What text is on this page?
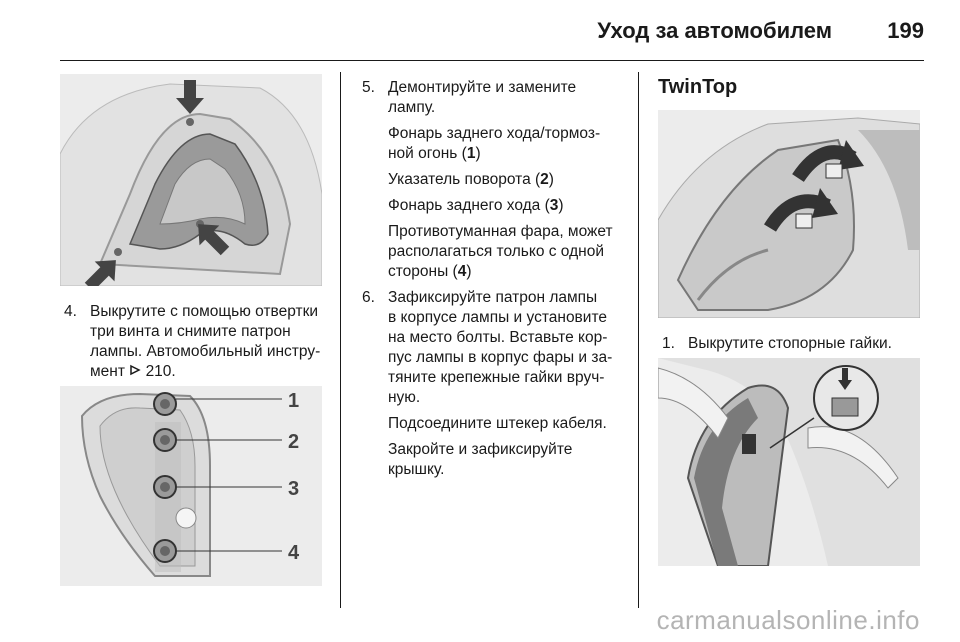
Уход за автомобилем	199
4. Выкрутите с помощью отвертки
три винта и снимите патрон
лампы. Автомобильный инстру-
мент  210.
1
2
3
4
5. Демонтируйте и замените
лампу.
Фонарь заднего хода/тормоз-
ной огонь (1)
Указатель поворота (2)
Фонарь заднего хода (3)
Противотуманная фара, может
располагаться только с одной
стороны (4)
6. Зафиксируйте патрон лампы
в корпусе лампы и установите
на место болты. Вставьте кор-
пус лампы в корпус фары и за-
тяните крепежные гайки вруч-
ную.
Подсоедините штекер кабеля.
Закройте и зафиксируйте
крышку.
TwinTop
1. Выкрутите стопорные гайки.
carmanualsonline.info
